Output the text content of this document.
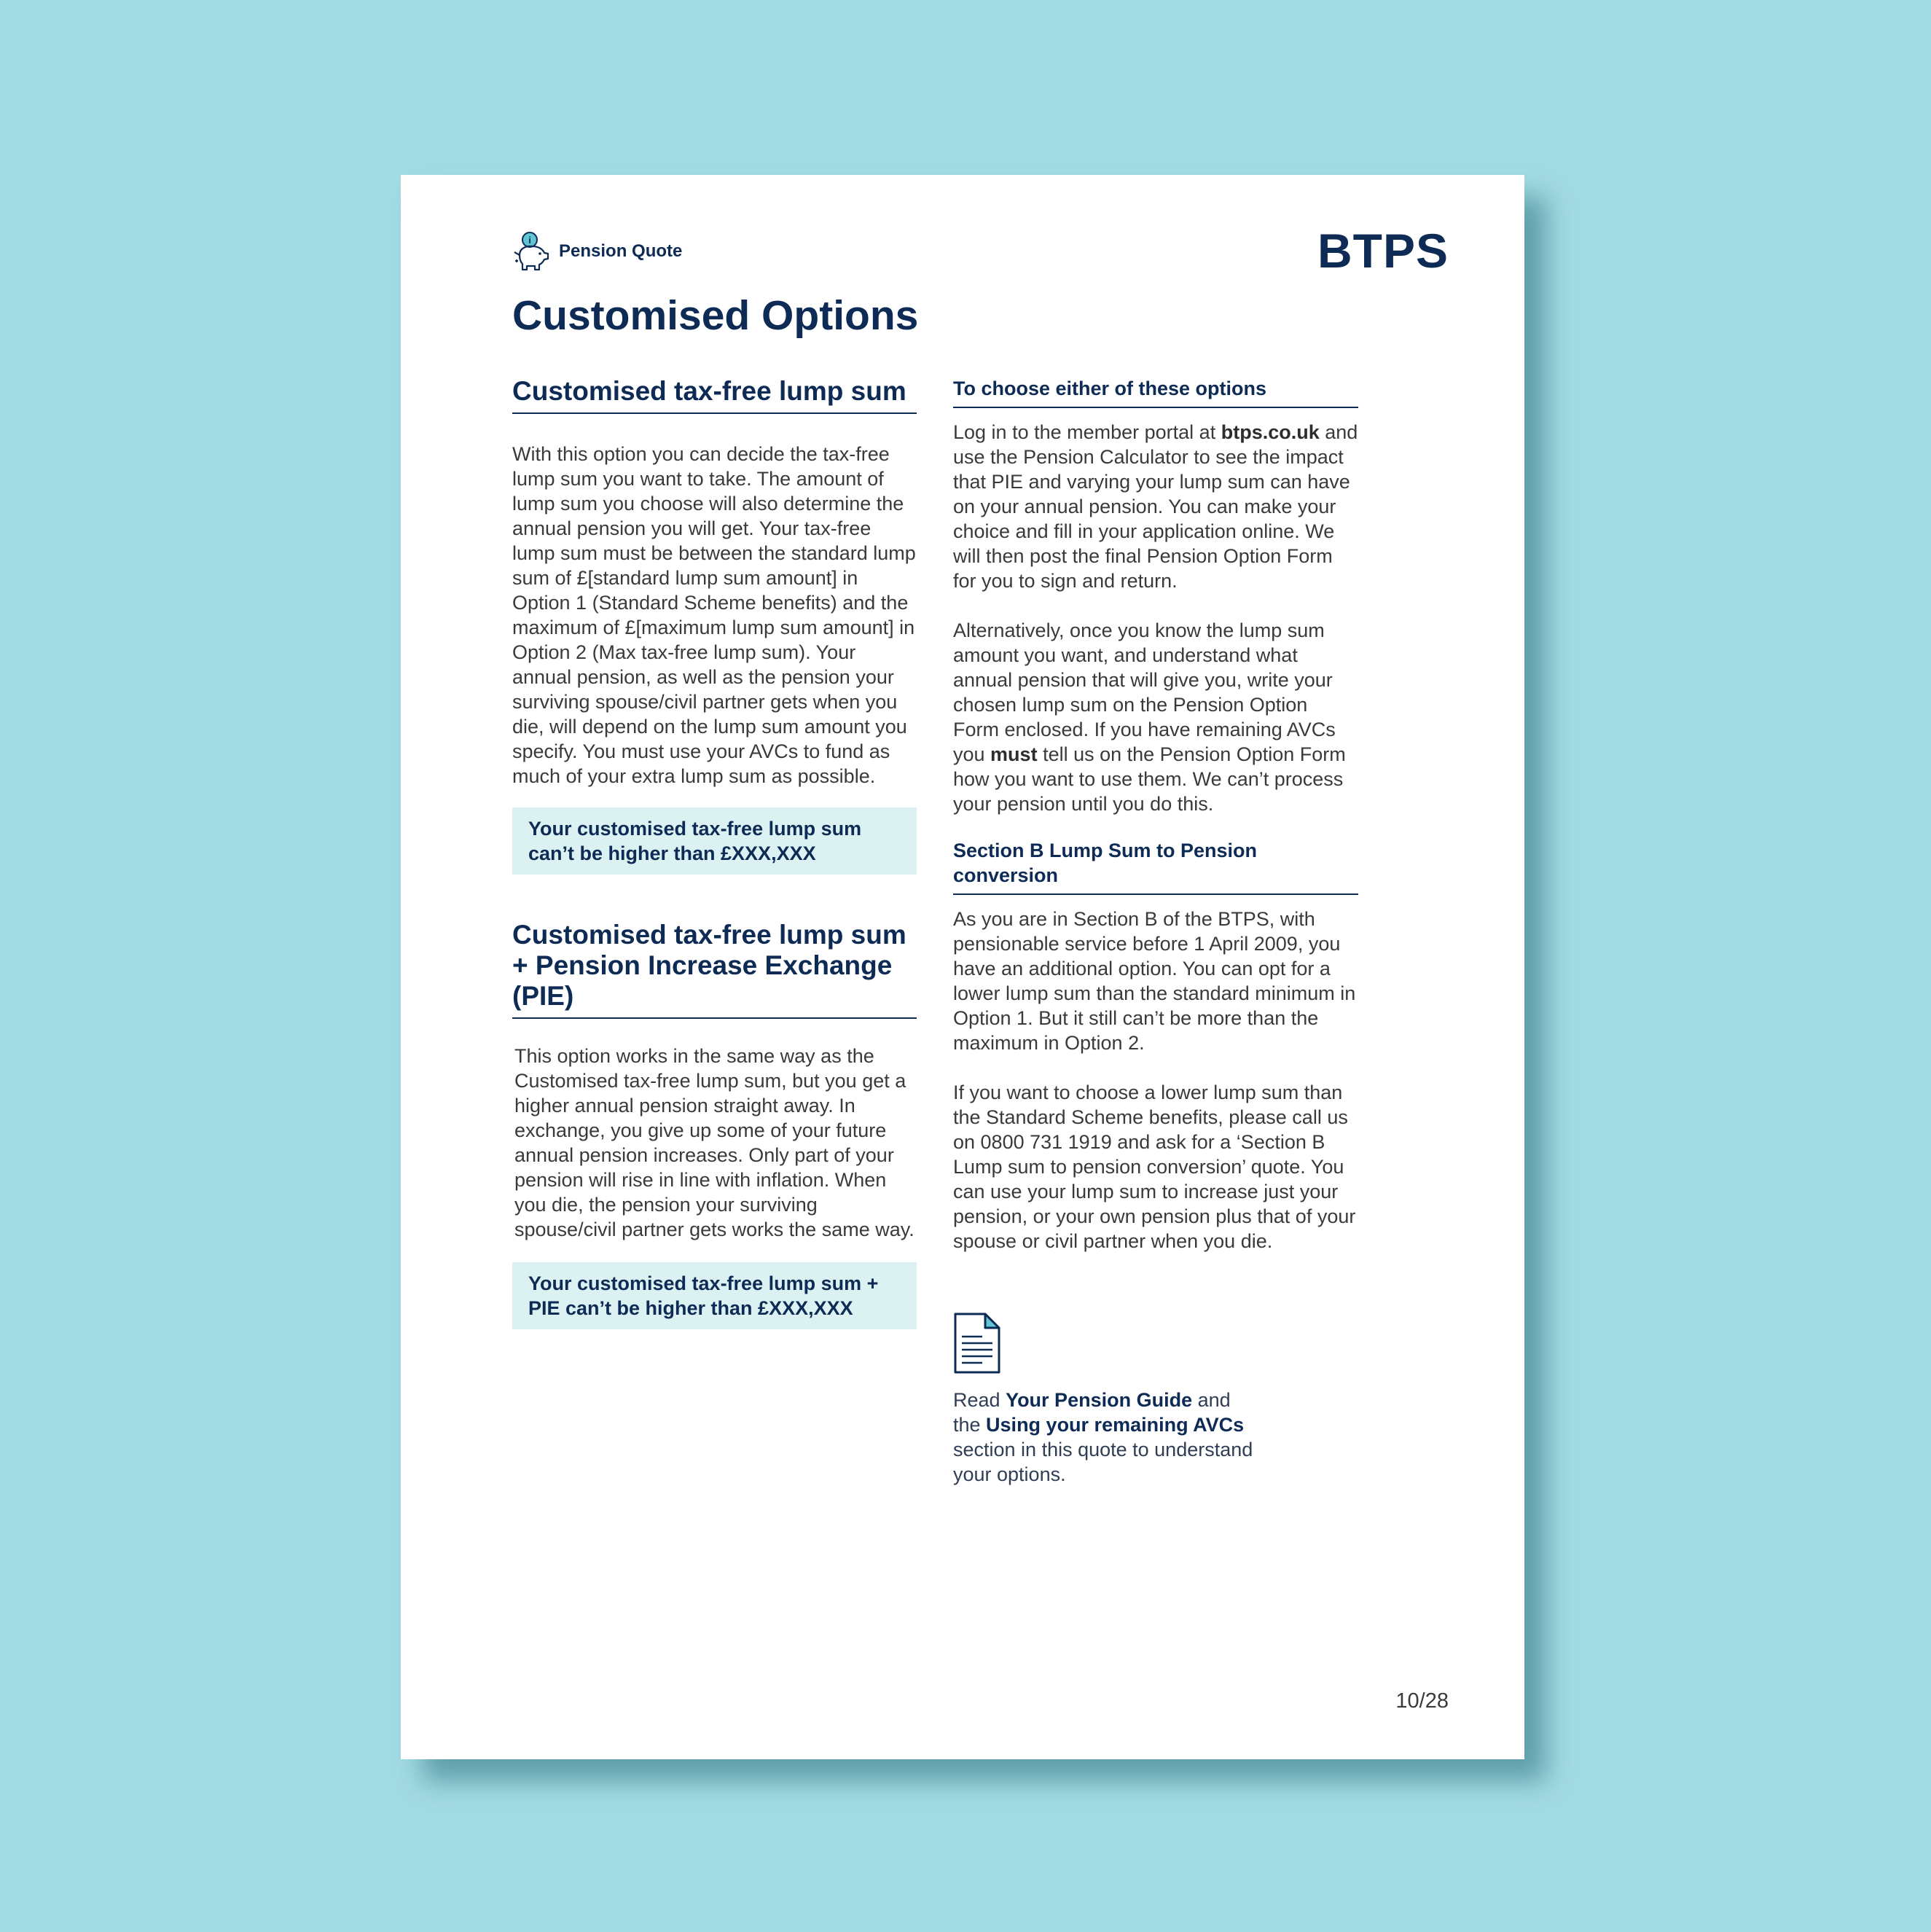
i
Pension Quote	BTPS
Customised Options
Customised tax-free lump sum

With this option you can decide the tax-free lump sum you want to take. The amount of lump sum you choose will also determine the annual pension you will get. Your tax-free lump sum must be between the standard lump sum of £[standard lump sum amount] in Option 1 (Standard Scheme benefits) and the maximum of £[maximum lump sum amount] in Option 2 (Max tax-free lump sum). Your annual pension, as well as the pension your surviving spouse/civil partner gets when you die, will depend on the lump sum amount you specify. You must use your AVCs to fund as much of your extra lump sum as possible.

Your customised tax-free lump sum can’t be higher than £XXX,XXX
Customised tax-free lump sum + Pension Increase Exchange (PIE)

This option works in the same way as the Customised tax-free lump sum, but you get a higher annual pension straight away. In exchange, you give up some of your future annual pension increases. Only part of your pension will rise in line with inflation. When you die, the pension your surviving spouse/civil partner gets works the same way.

Your customised tax-free lump sum + PIE can’t be higher than £XXX,XXX
To choose either of these options

Log in to the member portal at btps.co.uk and use the Pension Calculator to see the impact that PIE and varying your lump sum can have on your annual pension. You can make your choice and fill in your application online. We will then post the final Pension Option Form for you to sign and return.

Alternatively, once you know the lump sum amount you want, and understand what annual pension that will give you, write your chosen lump sum on the Pension Option Form enclosed. If you have remaining AVCs you must tell us on the Pension Option Form how you want to use them. We can’t process your pension until you do this.

Section B Lump Sum to Pension conversion

As you are in Section B of the BTPS, with pensionable service before 1 April 2009, you have an additional option. You can opt for a lower lump sum than the standard minimum in Option 1. But it still can’t be more than the maximum in Option 2.

If you want to choose a lower lump sum than the Standard Scheme benefits, please call us on 0800 731 1919 and ask for a ‘Section B Lump sum to pension conversion’ quote. You can use your lump sum to increase just your pension, or your own pension plus that of your spouse or civil partner when you die.

Read Your Pension Guide and the Using your remaining AVCs section in this quote to understand your options.

10/28
